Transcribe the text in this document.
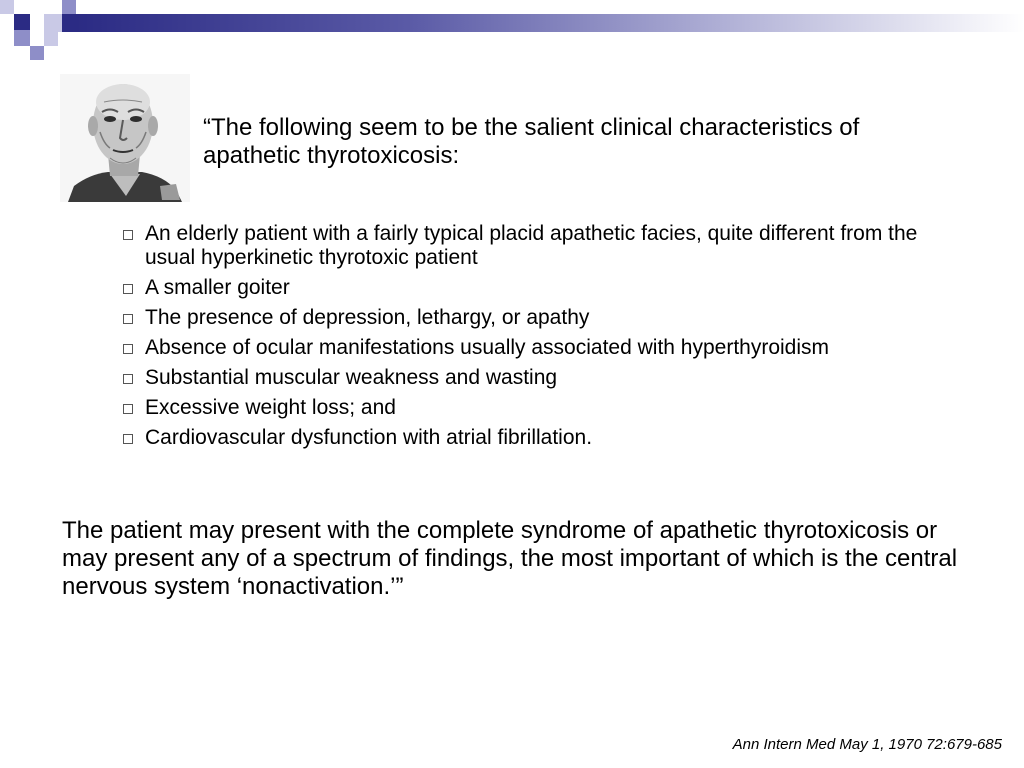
“The following seem to be the salient clinical characteristics of apathetic thyrotoxicosis:
An elderly patient with a fairly typical placid apathetic facies, quite different from the usual hyperkinetic thyrotoxic patient
A smaller goiter
The presence of depression, lethargy, or apathy
Absence of ocular manifestations usually associated with hyperthyroidism
Substantial muscular weakness and wasting
Excessive weight loss; and
Cardiovascular dysfunction with atrial fibrillation.
The patient may present with the complete syndrome of apathetic thyrotoxicosis or may present any of a spectrum of findings, the most important of which is the central nervous system ‘nonactivation.’”
Ann Intern Med May 1, 1970 72:679-685
